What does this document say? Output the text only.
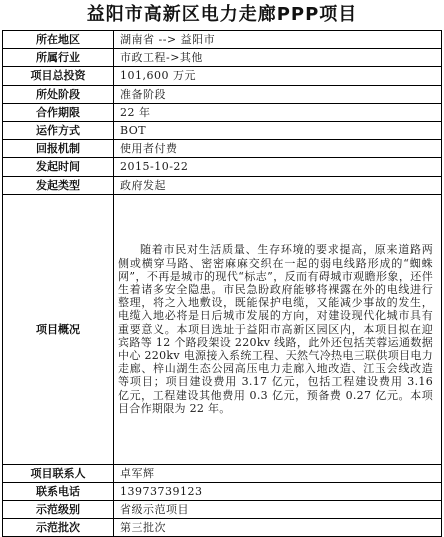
益阳市高新区电力走廊PPP项目
所在地区	湖南省 --> 益阳市
所属行业	市政工程->其他
项目总投资	101,600 万元
所处阶段	准备阶段
合作期限	22 年
运作方式	BOT
回报机制	使用者付费
发起时间	2015-10-22
发起类型	政府发起
项目概况	随着市民对生活质量、生存环境的要求提高，原来道路两侧或横穿马路、密密麻麻交织在一起的弱电线路形成的“蜘蛛网”，不再是城市的现代“标志”，反而有碍城市观瞻形象，还伴生着诸多安全隐患。市民急盼政府能够将裸露在外的电线进行整理，将之入地敷设，既能保护电缆，又能减少事故的发生，电缆入地必将是日后城市发展的方向，对建设现代化城市具有重要意义。本项目选址于益阳市高新区园区内，本项目拟在迎宾路等 12 个路段架设 220kv 线路，此外还包括芙蓉运通数据中心 220kv 电源接入系统工程、天然气冷热电三联供项目电力走廊、梓山湖生态公园高压电力走廊入地改造、江玉会线改造等项目；项目建设费用 3.17 亿元，包括工程建设费用 3.16 亿元，工程建设其他费用 0.3 亿元，预备费 0.27 亿元。本项目合作期限为 22 年。
项目联系人	卓军辉
联系电话	13973739123
示范级别	省级示范项目
示范批次	第三批次
